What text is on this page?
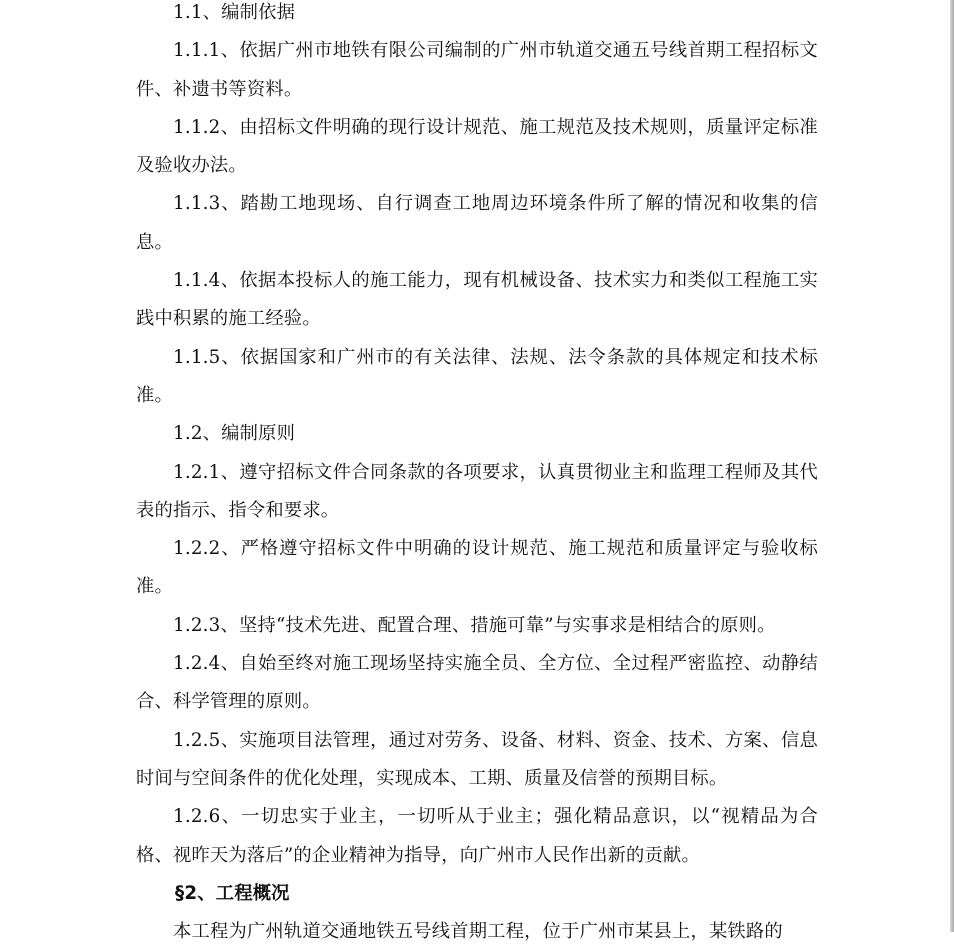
1.1、编制依据

1.1.1、依据广州市地铁有限公司编制的广州市轨道交通五号线首期工程招标文件、补遗书等资料。

1.1.2、由招标文件明确的现行设计规范、施工规范及技术规则，质量评定标准及验收办法。

1.1.3、踏勘工地现场、自行调查工地周边环境条件所了解的情况和收集的信息。

1.1.4、依据本投标人的施工能力，现有机械设备、技术实力和类似工程施工实践中积累的施工经验。

1.1.5、依据国家和广州市的有关法律、法规、法令条款的具体规定和技术标准。

1.2、编制原则

1.2.1、遵守招标文件合同条款的各项要求，认真贯彻业主和监理工程师及其代表的指示、指令和要求。

1.2.2、严格遵守招标文件中明确的设计规范、施工规范和质量评定与验收标准。

1.2.3、坚持“技术先进、配置合理、措施可靠”与实事求是相结合的原则。

1.2.4、自始至终对施工现场坚持实施全员、全方位、全过程严密监控、动静结合、科学管理的原则。

1.2.5、实施项目法管理，通过对劳务、设备、材料、资金、技术、方案、信息时间与空间条件的优化处理，实现成本、工期、质量及信誉的预期目标。

1.2.6、一切忠实于业主，一切听从于业主；强化精品意识，以“视精品为合格、视昨天为落后”的企业精神为指导，向广州市人民作出新的贡献。

§2、工程概况

本工程为广州轨道交通地铁五号线首期工程，位于广州市某县上，某铁路的
